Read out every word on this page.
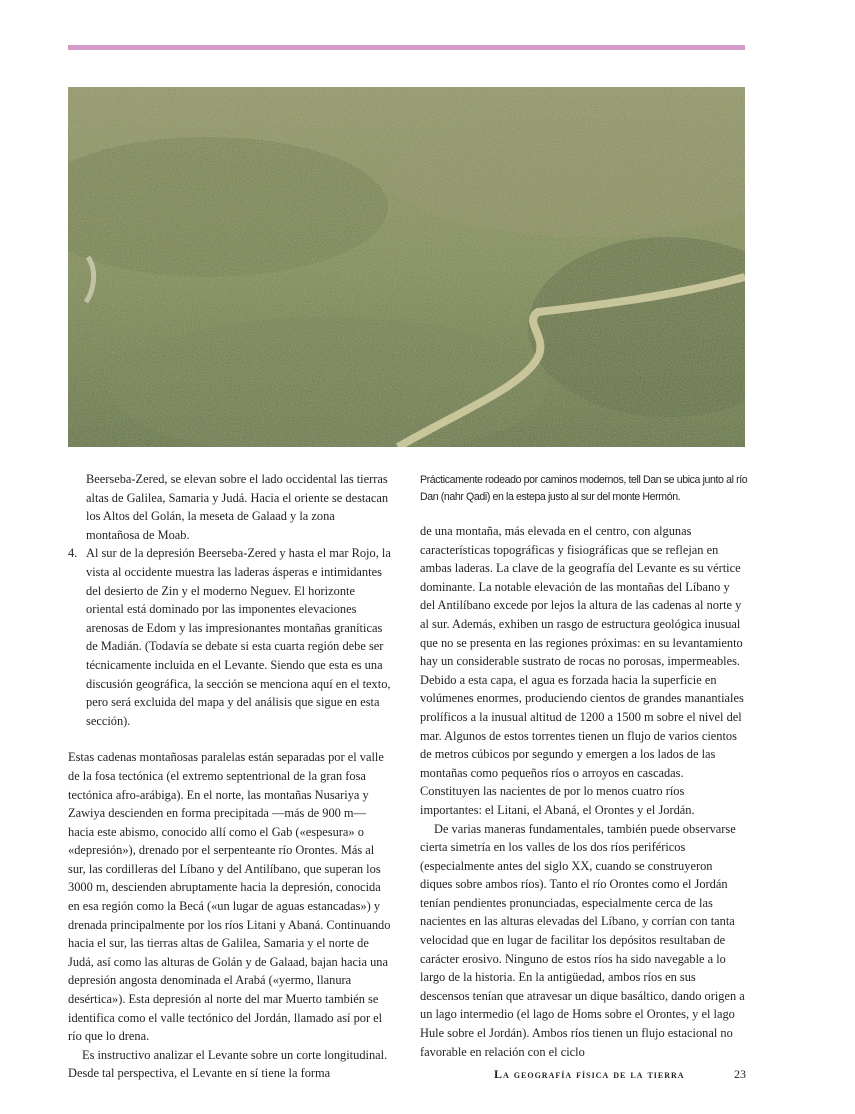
Prácticamente rodeado por caminos modernos, tell Dan se ubica junto al río Dan (nahr Qadi) en la estepa justo al sur del monte Hermón.

Beerseba-Zered, se elevan sobre el lado occidental las tierras altas de Galilea, Samaria y Judá. Hacia el oriente se destacan los Altos del Golán, la meseta de Galaad y la zona montañosa de Moab.

4. Al sur de la depresión Beerseba-Zered y hasta el mar Rojo, la vista al occidente muestra las laderas ásperas e intimidantes del desierto de Zin y el moderno Neguev. El horizonte oriental está dominado por las imponentes elevaciones arenosas de Edom y las impresionantes montañas graníticas de Madián. (Todavía se debate si esta cuarta región debe ser técnicamente incluida en el Levante. Siendo que esta es una discusión geográfica, la sección se menciona aquí en el texto, pero será excluida del mapa y del análisis que sigue en esta sección).

Estas cadenas montañosas paralelas están separadas por el valle de la fosa tectónica (el extremo septentrional de la gran fosa tectónica afro-arábiga). En el norte, las montañas Nusariya y Zawiya descienden en forma precipitada —más de 900 m— hacia este abismo, conocido allí como el Gab («espesura» o «depresión»), drenado por el serpenteante río Orontes. Más al sur, las cordilleras del Líbano y del Antilíbano, que superan los 3000 m, descienden abruptamente hacia la depresión, conocida en esa región como la Becá («un lugar de aguas estancadas») y drenada principalmente por los ríos Litani y Abaná. Continuando hacia el sur, las tierras altas de Galilea, Samaria y el norte de Judá, así como las alturas de Golán y de Galaad, bajan hacia una depresión angosta denominada el Arabá («yermo, llanura desértica»). Esta depresión al norte del mar Muerto también se identifica como el valle tectónico del Jordán, llamado así por el río que lo drena.

Es instructivo analizar el Levante sobre un corte longitudinal. Desde tal perspectiva, el Levante en sí tiene la forma

de una montaña, más elevada en el centro, con algunas características topográficas y fisiográficas que se reflejan en ambas laderas. La clave de la geografía del Levante es su vértice dominante. La notable elevación de las montañas del Líbano y del Antilíbano excede por lejos la altura de las cadenas al norte y al sur. Además, exhiben un rasgo de estructura geológica inusual que no se presenta en las regiones próximas: en su levantamiento hay un considerable sustrato de rocas no porosas, impermeables. Debido a esta capa, el agua es forzada hacia la superficie en volúmenes enormes, produciendo cientos de grandes manantiales prolíficos a la inusual altitud de 1200 a 1500 m sobre el nivel del mar. Algunos de estos torrentes tienen un flujo de varios cientos de metros cúbicos por segundo y emergen a los lados de las montañas como pequeños ríos o arroyos en cascadas. Constituyen las nacientes de por lo menos cuatro ríos importantes: el Litani, el Abaná, el Orontes y el Jordán.

De varias maneras fundamentales, también puede observarse cierta simetría en los valles de los dos ríos periféricos (especialmente antes del siglo XX, cuando se construyeron diques sobre ambos ríos). Tanto el río Orontes como el Jordán tenían pendientes pronunciadas, especialmente cerca de las nacientes en las alturas elevadas del Líbano, y corrían con tanta velocidad que en lugar de facilitar los depósitos resultaban de carácter erosivo. Ninguno de estos ríos ha sido navegable a lo largo de la historia. En la antigüedad, ambos ríos en sus descensos tenían que atravesar un dique basáltico, dando origen a un lago intermedio (el lago de Homs sobre el Orontes, y el lago Hule sobre el Jordán). Ambos ríos tienen un flujo estacional no favorable en relación con el ciclo

La geografía física de la tierra	23
